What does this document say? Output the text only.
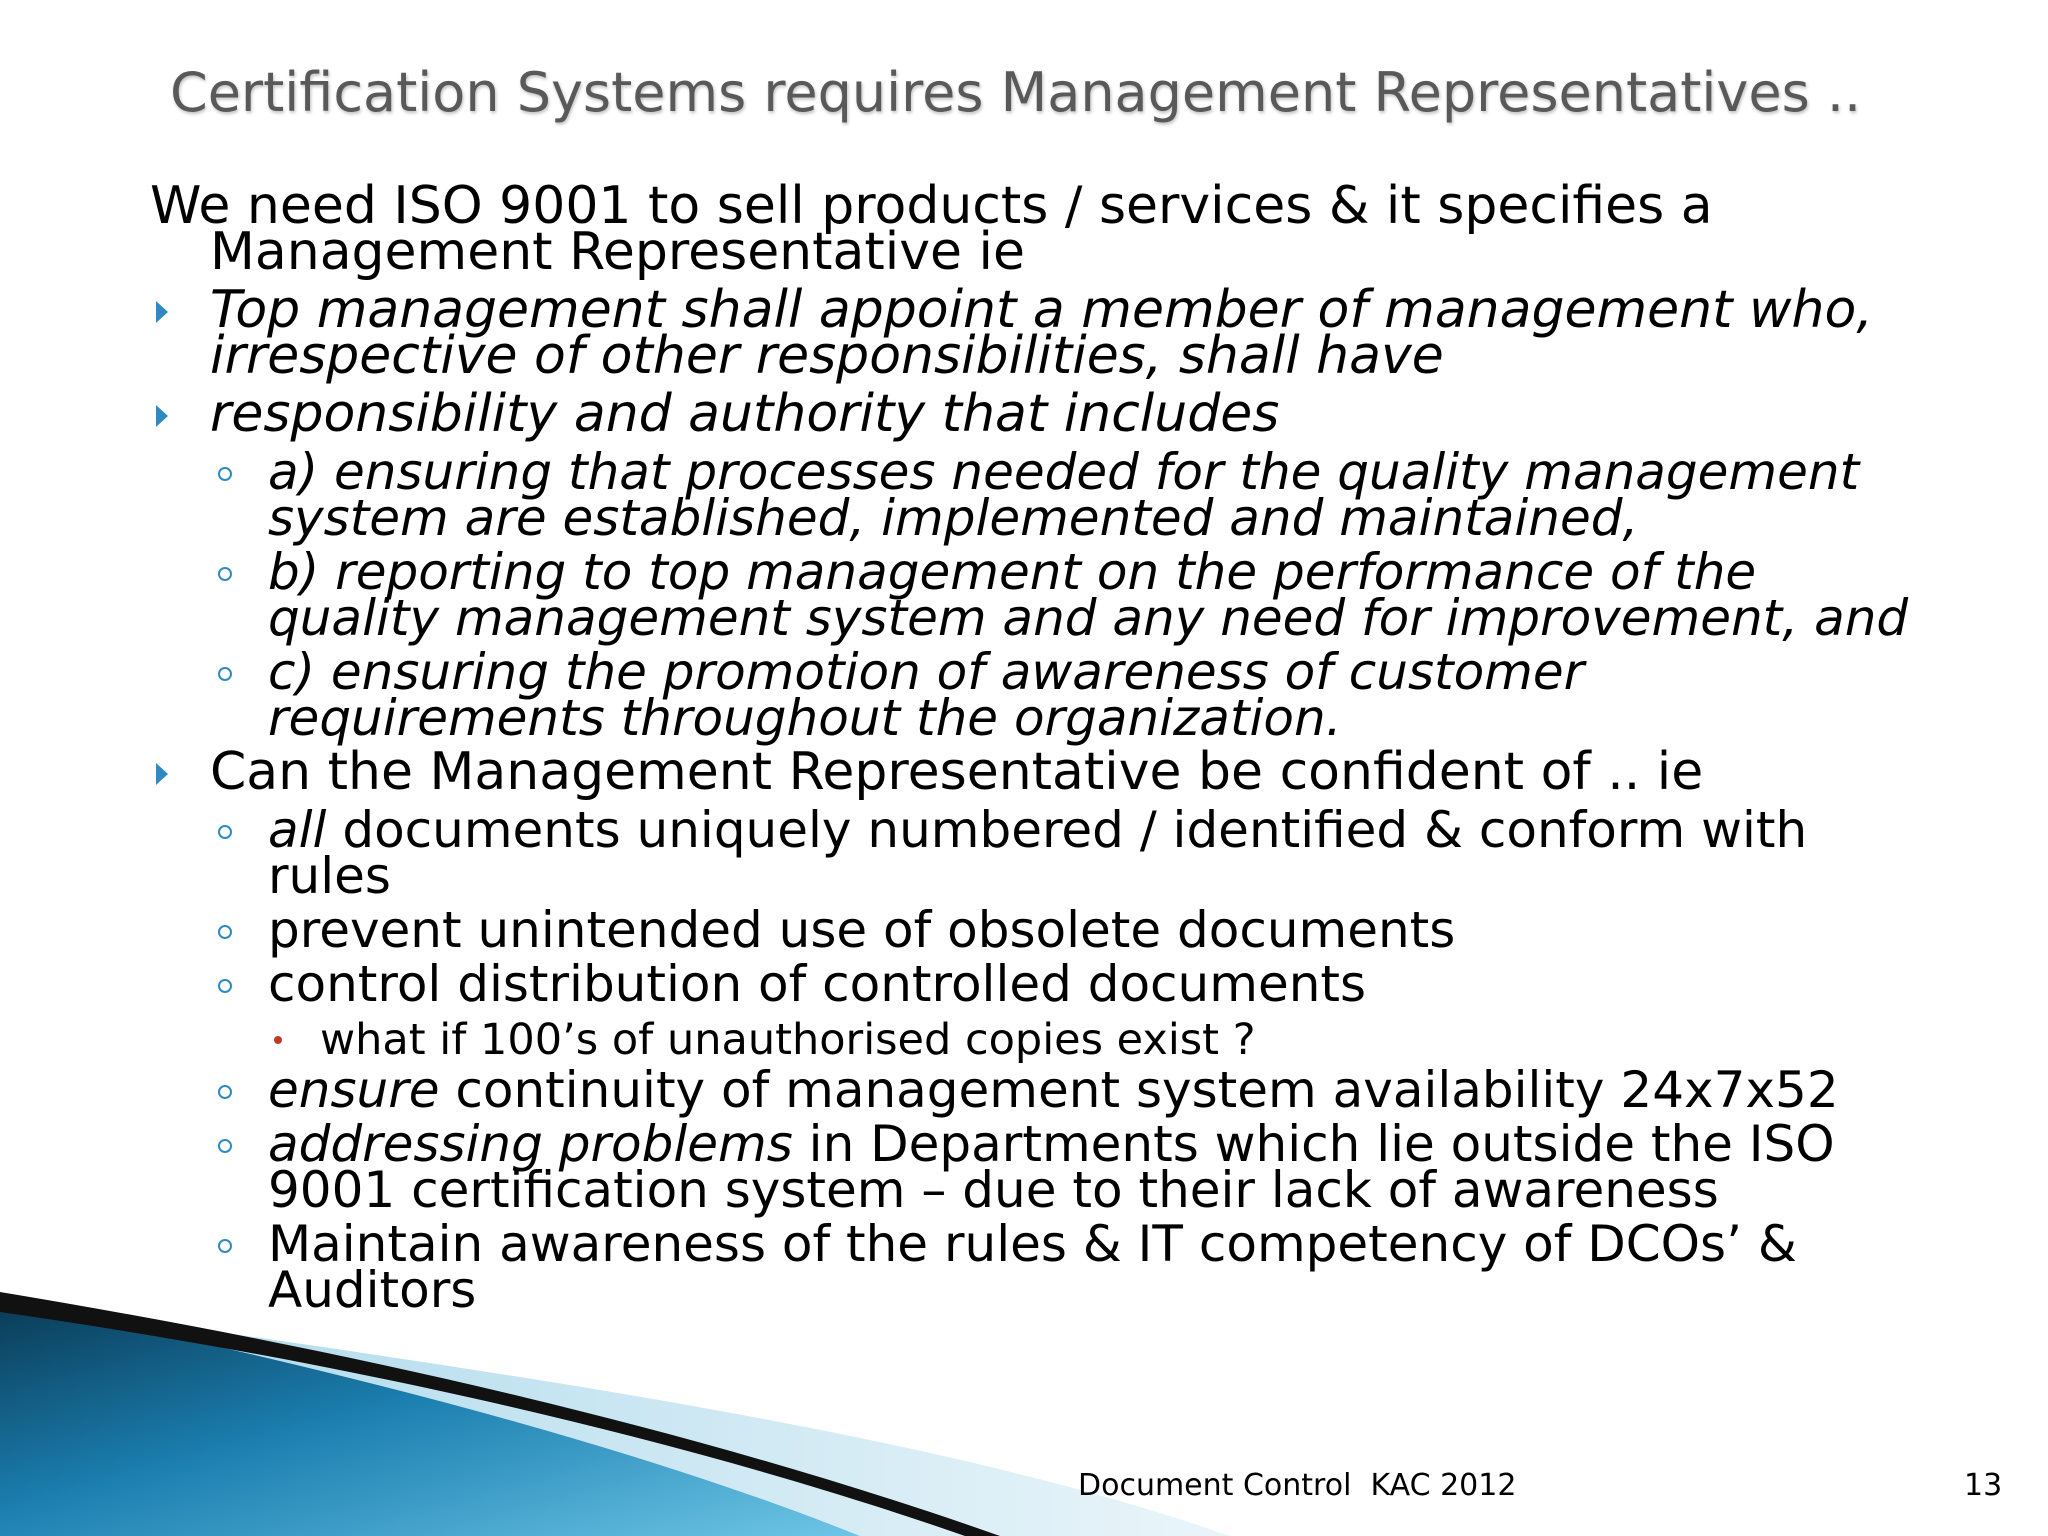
Certification Systems requires Management Representatives ..
We need ISO 9001 to sell products / services & it specifies a
Management Representative ie
Top management shall appoint a member of management who,
irrespective of other responsibilities, shall have
responsibility and authority that includes
a) ensuring that processes needed for the quality management
system are established, implemented and maintained,
b) reporting to top management on the performance of the
quality management system and any need for improvement, and
c) ensuring the promotion of awareness of customer
requirements throughout the organization.
Can the Management Representative be confident of .. ie
all documents uniquely numbered / identified & conform with
rules
prevent unintended use of obsolete documents
control distribution of controlled documents
what if 100’s of unauthorised copies exist ?
ensure continuity of management system availability 24x7x52
addressing problems in Departments which lie outside the ISO
9001 certification system – due to their lack of awareness
Maintain awareness of the rules & IT competency of DCOs’ &
Auditors
Document Control  KAC 2012	13
